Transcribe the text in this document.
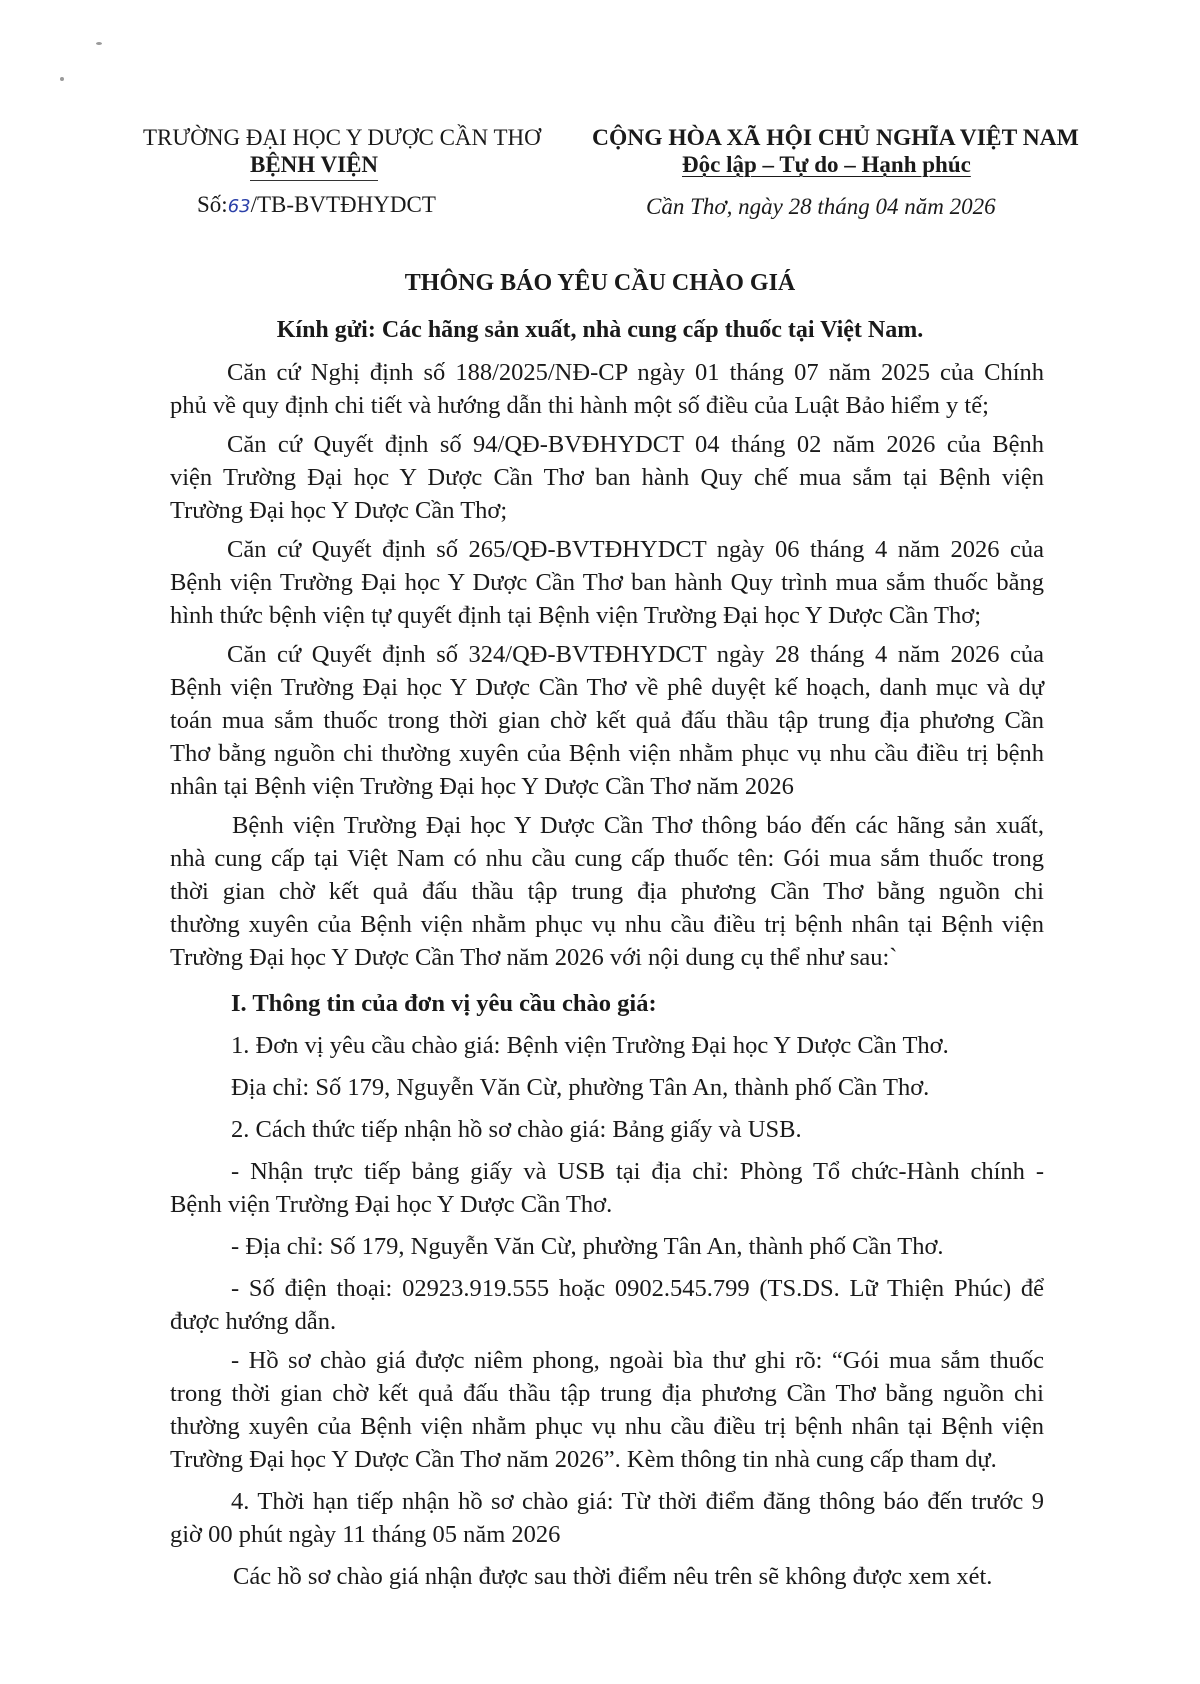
TRƯỜNG ĐẠI HỌC Y DƯỢC CẦN THƠ
BỆNH VIỆN
Số:63/TB-BVTĐHYDCT
CỘNG HÒA XÃ HỘI CHỦ NGHĨA VIỆT NAM
Độc lập – Tự do – Hạnh phúc
Cần Thơ, ngày 28 tháng 04 năm 2026
THÔNG BÁO YÊU CẦU CHÀO GIÁ
Kính gửi: Các hãng sản xuất, nhà cung cấp thuốc tại Việt Nam.
Căn cứ Nghị định số 188/2025/NĐ-CP ngày 01 tháng 07 năm 2025 của Chính
phủ về quy định chi tiết và hướng dẫn thi hành một số điều của Luật Bảo hiểm y tế;
Căn cứ Quyết định số 94/QĐ-BVĐHYDCT 04 tháng 02 năm 2026 của Bệnh
viện Trường Đại học Y Dược Cần Thơ ban hành Quy chế mua sắm tại Bệnh viện
Trường Đại học Y Dược Cần Thơ;
Căn cứ Quyết định số 265/QĐ-BVTĐHYDCT ngày 06 tháng 4 năm 2026 của
Bệnh viện Trường Đại học Y Dược Cần Thơ ban hành Quy trình mua sắm thuốc bằng
hình thức bệnh viện tự quyết định tại Bệnh viện Trường Đại học Y Dược Cần Thơ;
Căn cứ Quyết định số 324/QĐ-BVTĐHYDCT ngày 28 tháng 4 năm 2026 của
Bệnh viện Trường Đại học Y Dược Cần Thơ về phê duyệt kế hoạch, danh mục và dự
toán mua sắm thuốc trong thời gian chờ kết quả đấu thầu tập trung địa phương Cần
Thơ bằng nguồn chi thường xuyên của Bệnh viện nhằm phục vụ nhu cầu điều trị bệnh
nhân tại Bệnh viện Trường Đại học Y Dược Cần Thơ năm 2026
Bệnh viện Trường Đại học Y Dược Cần Thơ thông báo đến các hãng sản xuất,
nhà cung cấp tại Việt Nam có nhu cầu cung cấp thuốc tên: Gói mua sắm thuốc trong
thời gian chờ kết quả đấu thầu tập trung địa phương Cần Thơ bằng nguồn chi
thường xuyên của Bệnh viện nhằm phục vụ nhu cầu điều trị bệnh nhân tại Bệnh viện
Trường Đại học Y Dược Cần Thơ năm 2026 với nội dung cụ thể như sau:`
I. Thông tin của đơn vị yêu cầu chào giá:
1. Đơn vị yêu cầu chào giá: Bệnh viện Trường Đại học Y Dược Cần Thơ.
Địa chỉ: Số 179, Nguyễn Văn Cừ, phường Tân An, thành phố Cần Thơ.
2. Cách thức tiếp nhận hồ sơ chào giá: Bảng giấy và USB.
- Nhận trực tiếp bảng giấy và USB tại địa chỉ: Phòng Tổ chức-Hành chính -
Bệnh viện Trường Đại học Y Dược Cần Thơ.
- Địa chỉ: Số 179, Nguyễn Văn Cừ, phường Tân An, thành phố Cần Thơ.
- Số điện thoại: 02923.919.555 hoặc 0902.545.799 (TS.DS. Lữ Thiện Phúc) để
được hướng dẫn.
- Hồ sơ chào giá được niêm phong, ngoài bìa thư ghi rõ: “Gói mua sắm thuốc
trong thời gian chờ kết quả đấu thầu tập trung địa phương Cần Thơ bằng nguồn chi
thường xuyên của Bệnh viện nhằm phục vụ nhu cầu điều trị bệnh nhân tại Bệnh viện
Trường Đại học Y Dược Cần Thơ năm 2026”. Kèm thông tin nhà cung cấp tham dự.
4. Thời hạn tiếp nhận hồ sơ chào giá: Từ thời điểm đăng thông báo đến trước 9
giờ 00 phút ngày 11 tháng 05 năm 2026
Các hồ sơ chào giá nhận được sau thời điểm nêu trên sẽ không được xem xét.
